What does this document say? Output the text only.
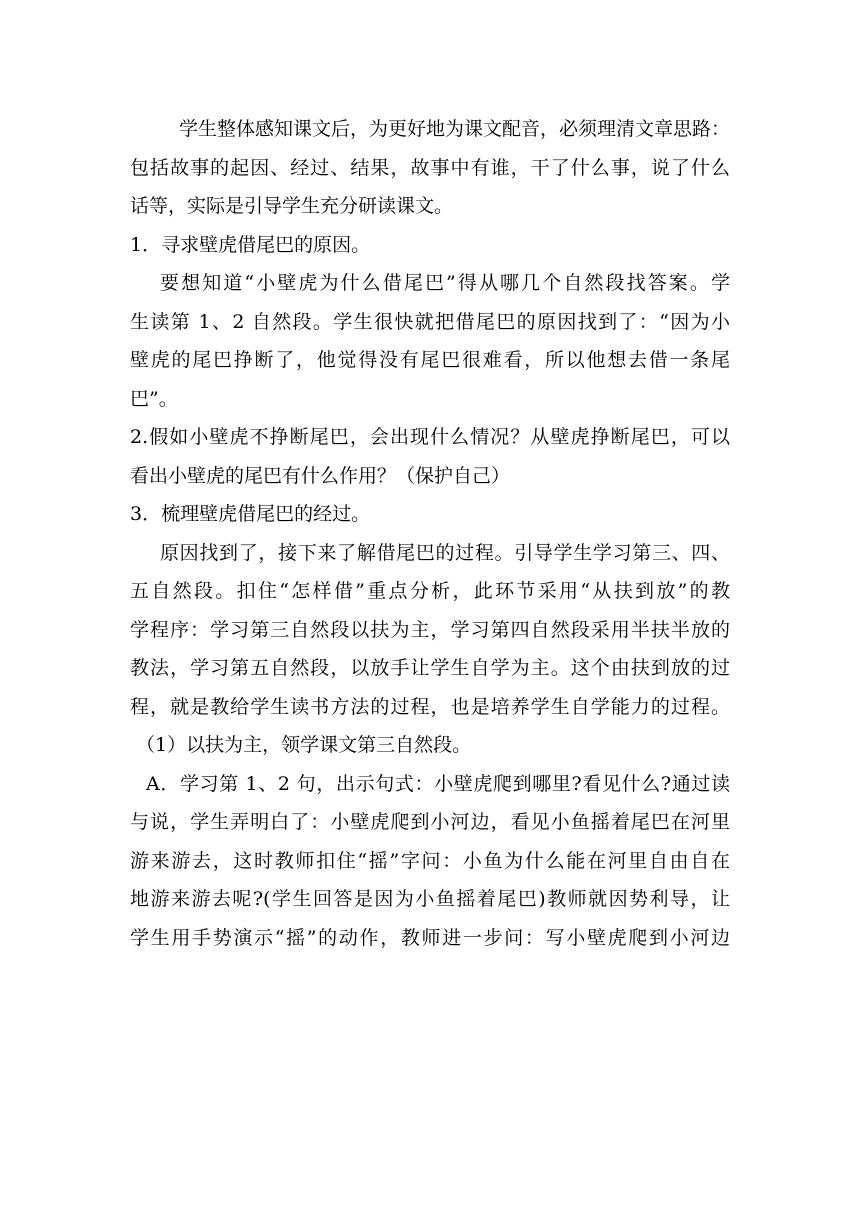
　学生整体感知课文后，为更好地为课文配音，必须理清文章思路：
包括故事的起因、经过、结果，故事中有谁，干了什么事，说了什么
话等，实际是引导学生充分研读课文。
1．寻求壁虎借尾巴的原因。
要想知道“小壁虎为什么借尾巴”得从哪几个自然段找答案。学
生读第 1、2 自然段。学生很快就把借尾巴的原因找到了：“因为小
壁虎的尾巴挣断了，他觉得没有尾巴很难看，所以他想去借一条尾
巴”。
2.假如小壁虎不挣断尾巴，会出现什么情况？从壁虎挣断尾巴，可以
看出小壁虎的尾巴有什么作用？（保护自己）
3．梳理壁虎借尾巴的经过。
原因找到了，接下来了解借尾巴的过程。引导学生学习第三、四、
五自然段。扣住“怎样借”重点分析，此环节采用“从扶到放”的教
学程序：学习第三自然段以扶为主，学习第四自然段采用半扶半放的
教法，学习第五自然段，以放手让学生自学为主。这个由扶到放的过
程，就是教给学生读书方法的过程，也是培养学生自学能力的过程。
（1）以扶为主，领学课文第三自然段。
A．学习第 1、2 句，出示句式：小壁虎爬到哪里?看见什么?通过读
与说，学生弄明白了：小壁虎爬到小河边，看见小鱼摇着尾巴在河里
游来游去，这时教师扣住“摇”字问：小鱼为什么能在河里自由自在
地游来游去呢?(学生回答是因为小鱼摇着尾巴)教师就因势利导，让
学生用手势演示“摇”的动作，教师进一步问：写小壁虎爬到小河边
